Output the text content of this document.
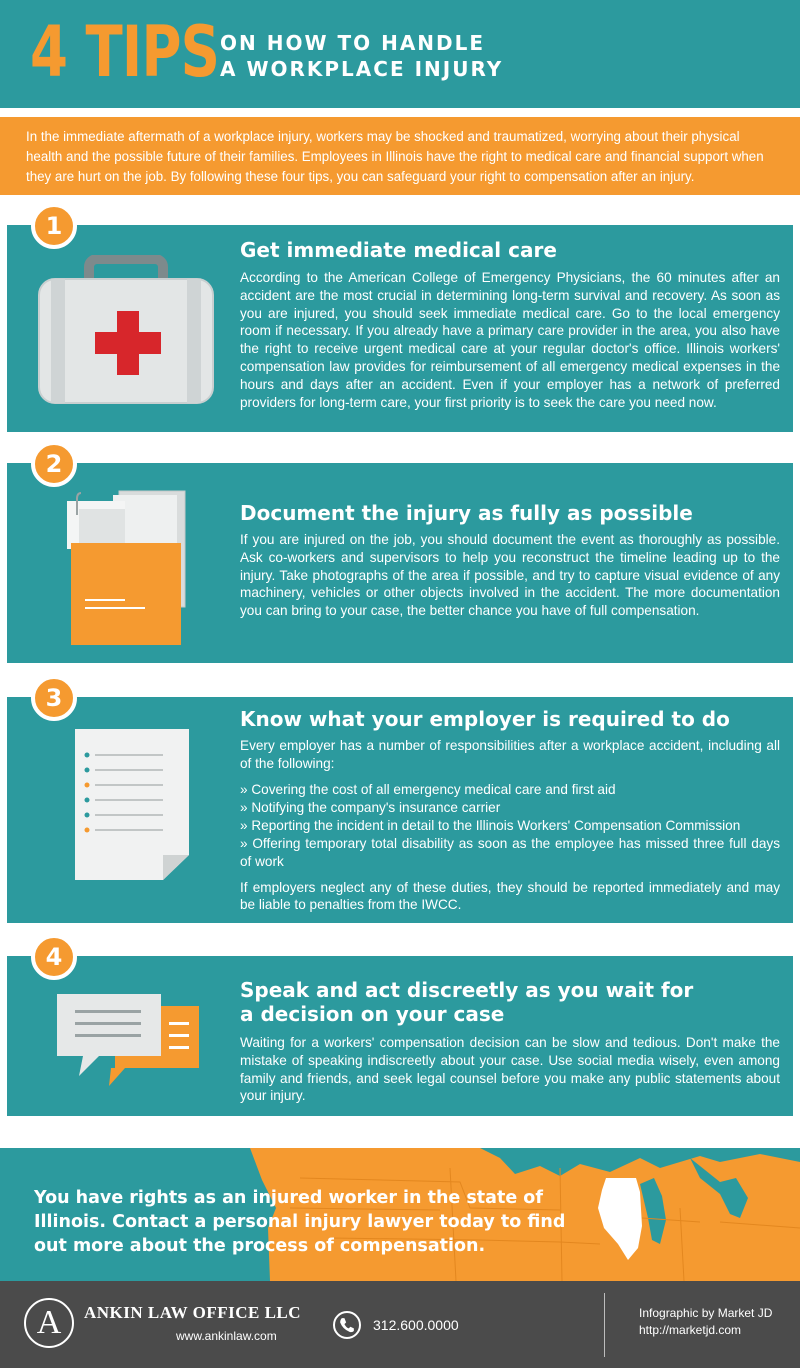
4 TIPS ON HOW TO HANDLE
A WORKPLACE INJURY

In the immediate aftermath of a workplace injury, workers may be shocked and traumatized, worrying about their physical health and the possible future of their families. Employees in Illinois have the right to medical care and financial support when they are hurt on the job. By following these four tips, you can safeguard your right to compensation after an injury.

1
Get immediate medical care

According to the American College of Emergency Physicians, the 60 minutes after an accident are the most crucial in determining long-term survival and recovery. As soon as you are injured, you should seek immediate medical care. Go to the local emergency room if necessary. If you already have a primary care provider in the area, you also have the right to receive urgent medical care at your regular doctor's office. Illinois workers' compensation law provides for reimbursement of all emergency medical expenses in the hours and days after an accident. Even if your employer has a network of preferred providers for long-term care, your first priority is to seek the care you need now.

2
Document the injury as fully as possible

If you are injured on the job, you should document the event as thoroughly as possible. Ask co-workers and supervisors to help you reconstruct the timeline leading up to the injury. Take photographs of the area if possible, and try to capture visual evidence of any machinery, vehicles or other objects involved in the accident. The more documentation you can bring to your case, the better chance you have of full compensation.

3
Know what your employer is required to do

Every employer has a number of responsibilities after a workplace accident, including all of the following:

» Covering the cost of all emergency medical care and first aid
» Notifying the company's insurance carrier
» Reporting the incident in detail to the Illinois Workers' Compensation Commission
» Offering temporary total disability as soon as the employee has missed three full days of work

If employers neglect any of these duties, they should be reported immediately and may be liable to penalties from the IWCC.

4
Speak and act discreetly as you wait for
a decision on your case

Waiting for a workers' compensation decision can be slow and tedious. Don't make the mistake of speaking indiscreetly about your case. Use social media wisely, even among family and friends, and seek legal counsel before you make any public statements about your injury.

You have rights as an injured worker in the state of Illinois. Contact a personal injury lawyer today to find out more about the process of compensation.
A	ANKIN LAW OFFICE LLC
www.ankinlaw.com
312.600.0000
Infographic by Market JD
http://marketjd.com
